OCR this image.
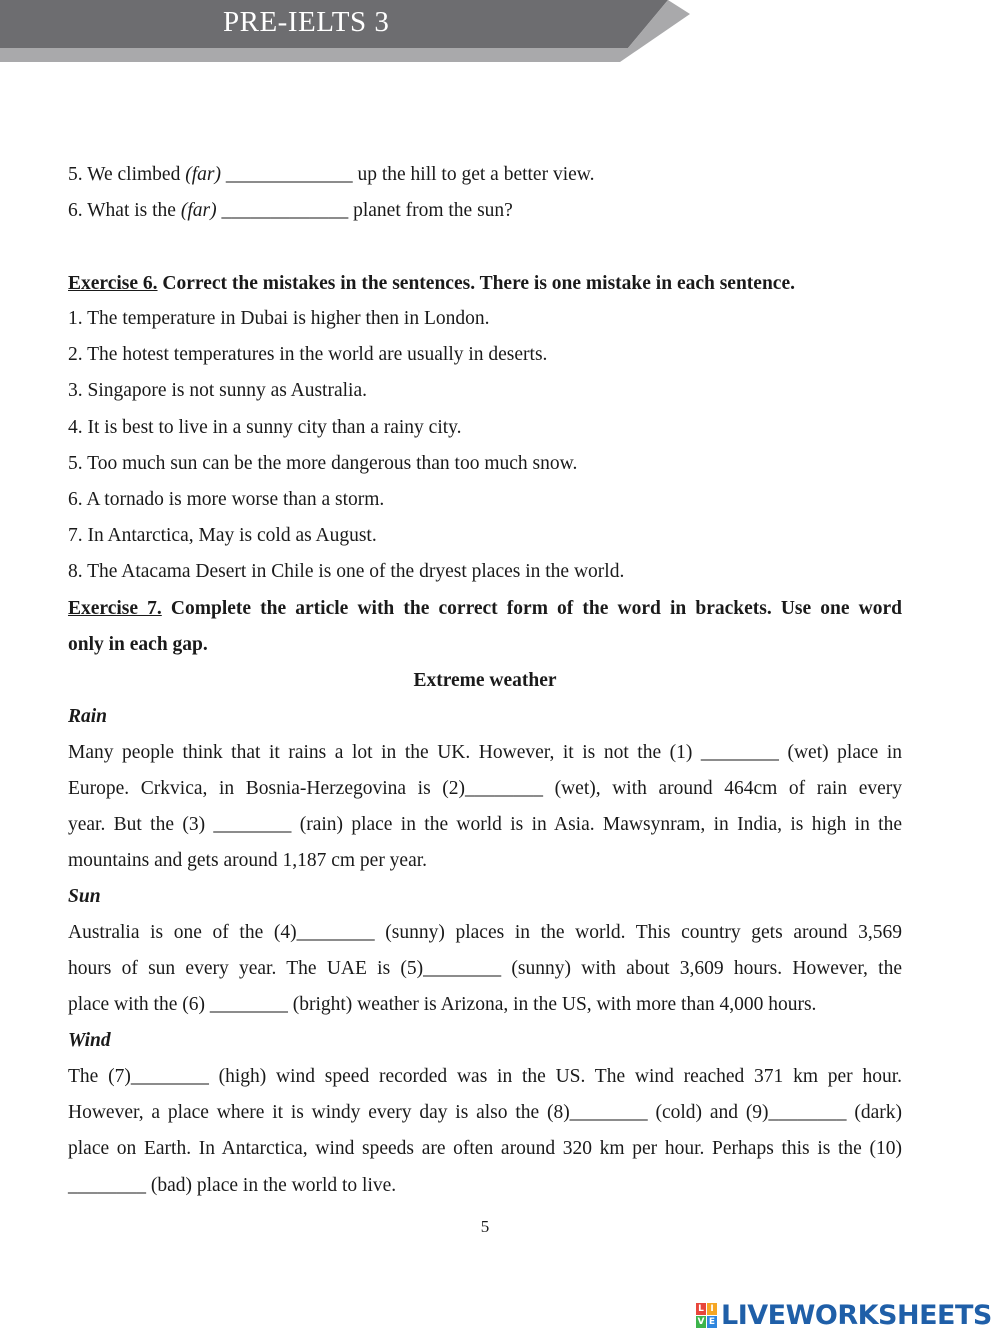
PRE-IELTS 3
5. We climbed (far) _____________ up the hill to get a better view.
6. What is the (far) _____________ planet from the sun?
Exercise 6. Correct the mistakes in the sentences. There is one mistake in each sentence.
1. The temperature in Dubai is higher then in London.
2. The hotest temperatures in the world are usually in deserts.
3. Singapore is not sunny as Australia.
4. It is best to live in a sunny city than a rainy city.
5. Too much sun can be the more dangerous than too much snow.
6. A tornado is more worse than a storm.
7. In Antarctica, May is cold as August.
8. The Atacama Desert in Chile is one of the dryest places in the world.
Exercise 7. Complete the article with the correct form of the word in brackets. Use one word
only in each gap.
Extreme weather
Rain
Many people think that it rains a lot in the UK. However, it is not the (1) ________ (wet) place in
Europe. Crkvica, in Bosnia-Herzegovina is (2)________ (wet), with around 464cm of rain every
year. But the (3) ________ (rain) place in the world is in Asia. Mawsynram, in India, is high in the
mountains and gets around 1,187 cm per year.
Sun
Australia is one of the (4)________ (sunny) places in the world. This country gets around 3,569
hours of sun every year. The UAE is (5)________ (sunny) with about 3,609 hours. However, the
place with the (6) ________ (bright) weather is Arizona, in the US, with more than 4,000 hours.
Wind
The (7)________ (high) wind speed recorded was in the US. The wind reached 371 km per hour.
However, a place where it is windy every day is also the (8)________ (cold) and (9)________ (dark)
place on Earth. In Antarctica, wind speeds are often around 320 km per hour. Perhaps this is the (10)
________ (bad) place in the world to live.
5
L I
V E LIVEWORKSHEETS
